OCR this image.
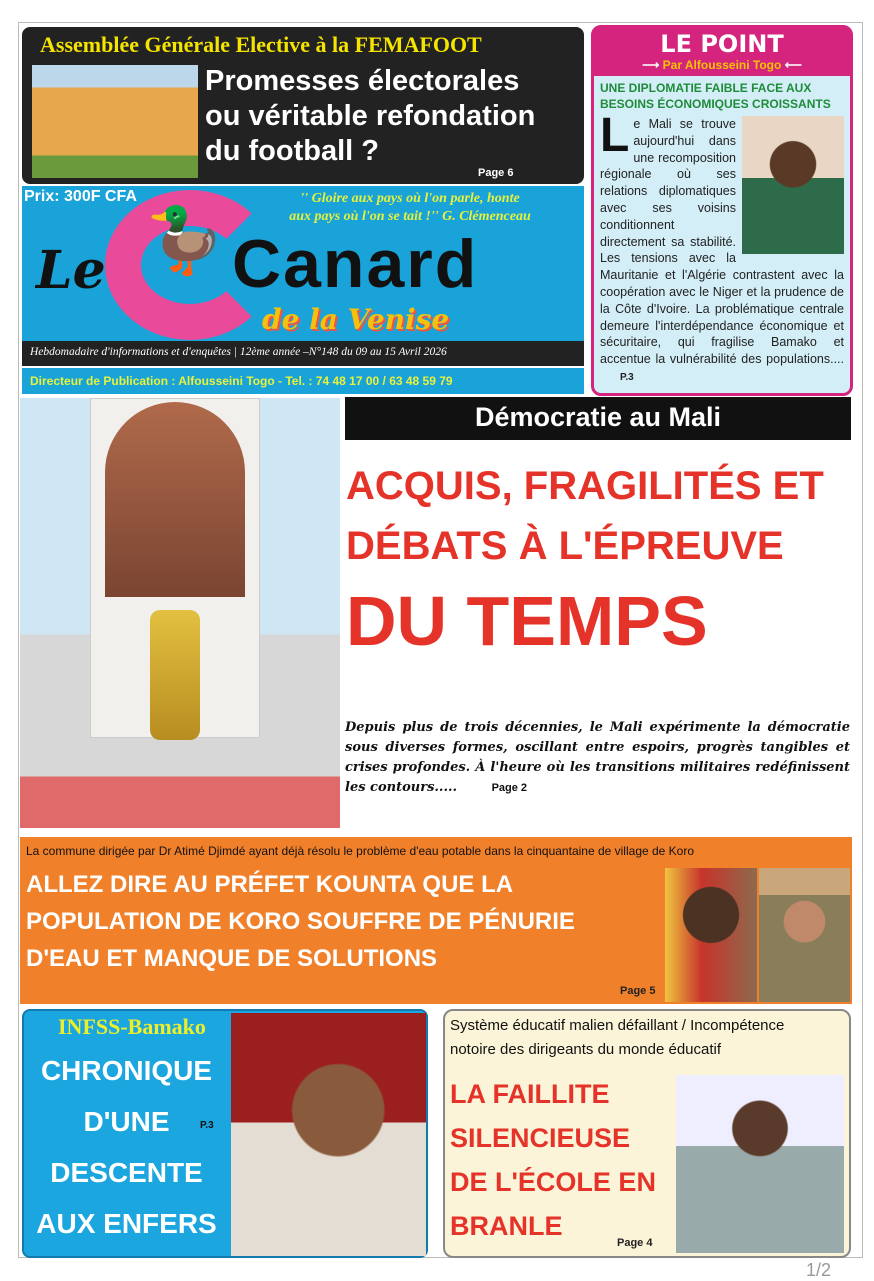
Assemblée Générale Elective à la FEMAFOOT
Promesses électorales
ou véritable refondation
du football ?
Page 6
Prix: 300F CFA	'' Gloire aux pays où l'on parle, honte
aux pays où l'on se tait !'' G. Clémenceau
🦆
Le Canard
de la Venise
Hebdomadaire d'informations et d'enquêtes | 12ème année –N°148 du 09 au 15 Avril 2026
Directeur de Publication : Alfousseini Togo - Tel. : 74 48 17 00 / 63 48 59 79
LE POINT
⟶ Par Alfousseini Togo ⟵
UNE DIPLOMATIE FAIBLE FACE AUX
BESOINS ÉCONOMIQUES CROISSANTS
Le Mali se trouve aujourd'hui dans une recomposition régionale où ses relations diplomatiques avec ses voisins conditionnent directement sa stabilité. Les tensions avec la Mauritanie et l'Algérie contrastent avec la coopération avec le Niger et la prudence de la Côte d'Ivoire. La problématique centrale demeure l'interdépendance économique et sécuritaire, qui fragilise Bamako et accentue la vulnérabilité des populations.... P.3
Démocratie au Mali
ACQUIS, FRAGILITÉS ET
DÉBATS À L'ÉPREUVE
DU TEMPS
Depuis plus de trois décennies, le Mali expérimente la démocratie sous diverses formes, oscillant entre espoirs, progrès tangibles et crises profondes. À l'heure où les transitions militaires redéfinissent les contours.....	Page 2
La commune dirigée par Dr Atimé Djimdé ayant déjà résolu le problème d'eau potable dans la cinquantaine de village de Koro
ALLEZ DIRE AU PRÉFET KOUNTA QUE LA
POPULATION DE KORO SOUFFRE DE PÉNURIE
D'EAU ET MANQUE DE SOLUTIONS
Page 5
INFSS-Bamako
CHRONIQUE
D'UNE
DESCENTE
AUX ENFERS
P.3
Système éducatif malien défaillant / Incompétence
notoire des dirigeants du monde éducatif
LA FAILLITE
SILENCIEUSE
DE L'ÉCOLE EN
BRANLE
Page 4
1/2
